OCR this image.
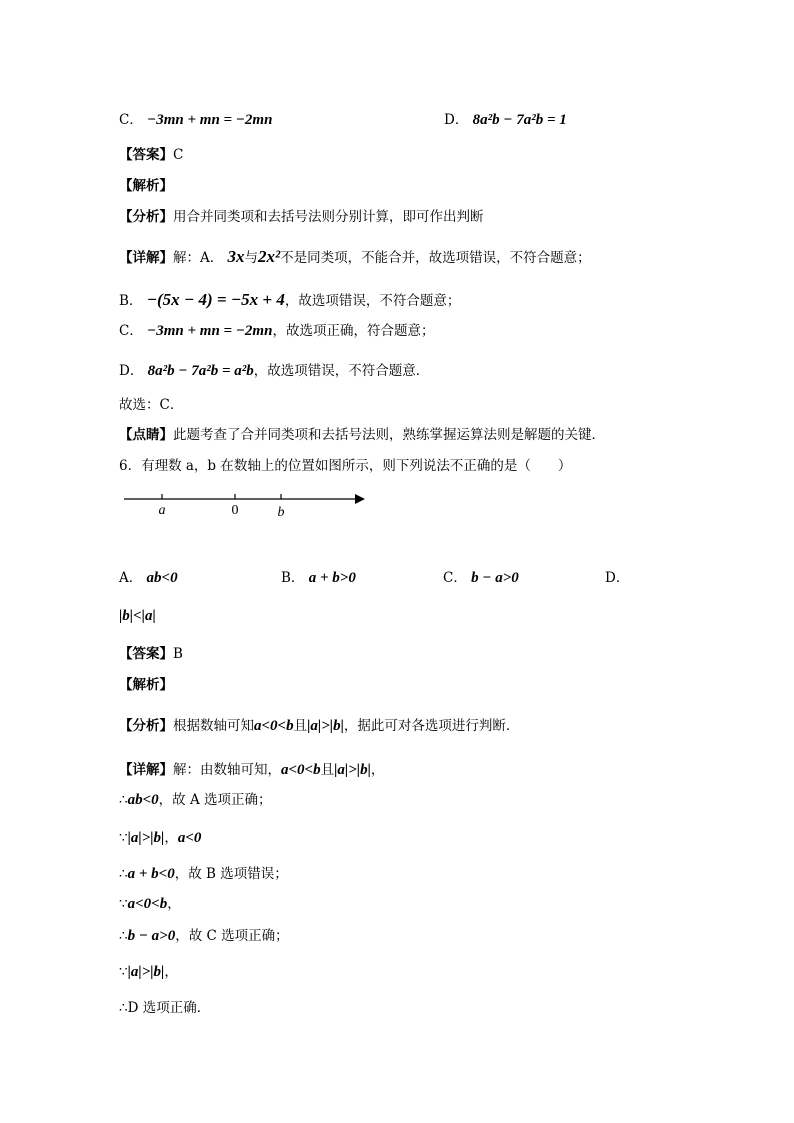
C． −3mn + mn = −2mn	D． 8a²b − 7a²b = 1
【答案】C
【解析】
【分析】用合并同类项和去括号法则分别计算，即可作出判断
【详解】解：A． 3x与2x²不是同类项，不能合并，故选项错误，不符合题意；
B． −(5x − 4) = −5x + 4，故选项错误，不符合题意；
C． −3mn + mn = −2mn，故选项正确，符合题意；
D． 8a²b − 7a²b = a²b，故选项错误，不符合题意．
故选：C．
【点睛】此题考查了合并同类项和去括号法则，熟练掌握运算法则是解题的关键．
6．有理数 a，b 在数轴上的位置如图所示，则下列说法不正确的是（　　）
a	0	b
A． ab<0	B． a + b>0	C． b − a>0	D．
|b|<|a|
【答案】B
【解析】
【分析】根据数轴可知a<0<b且|a|>|b|，据此可对各选项进行判断．
【详解】解：由数轴可知，a<0<b且|a|>|b|，
∴ab<0，故 A 选项正确；
∵|a|>|b|，a<0
∴a + b<0，故 B 选项错误；
∵a<0<b，
∴b − a>0，故 C 选项正确；
∵|a|>|b|，
∴D 选项正确．
